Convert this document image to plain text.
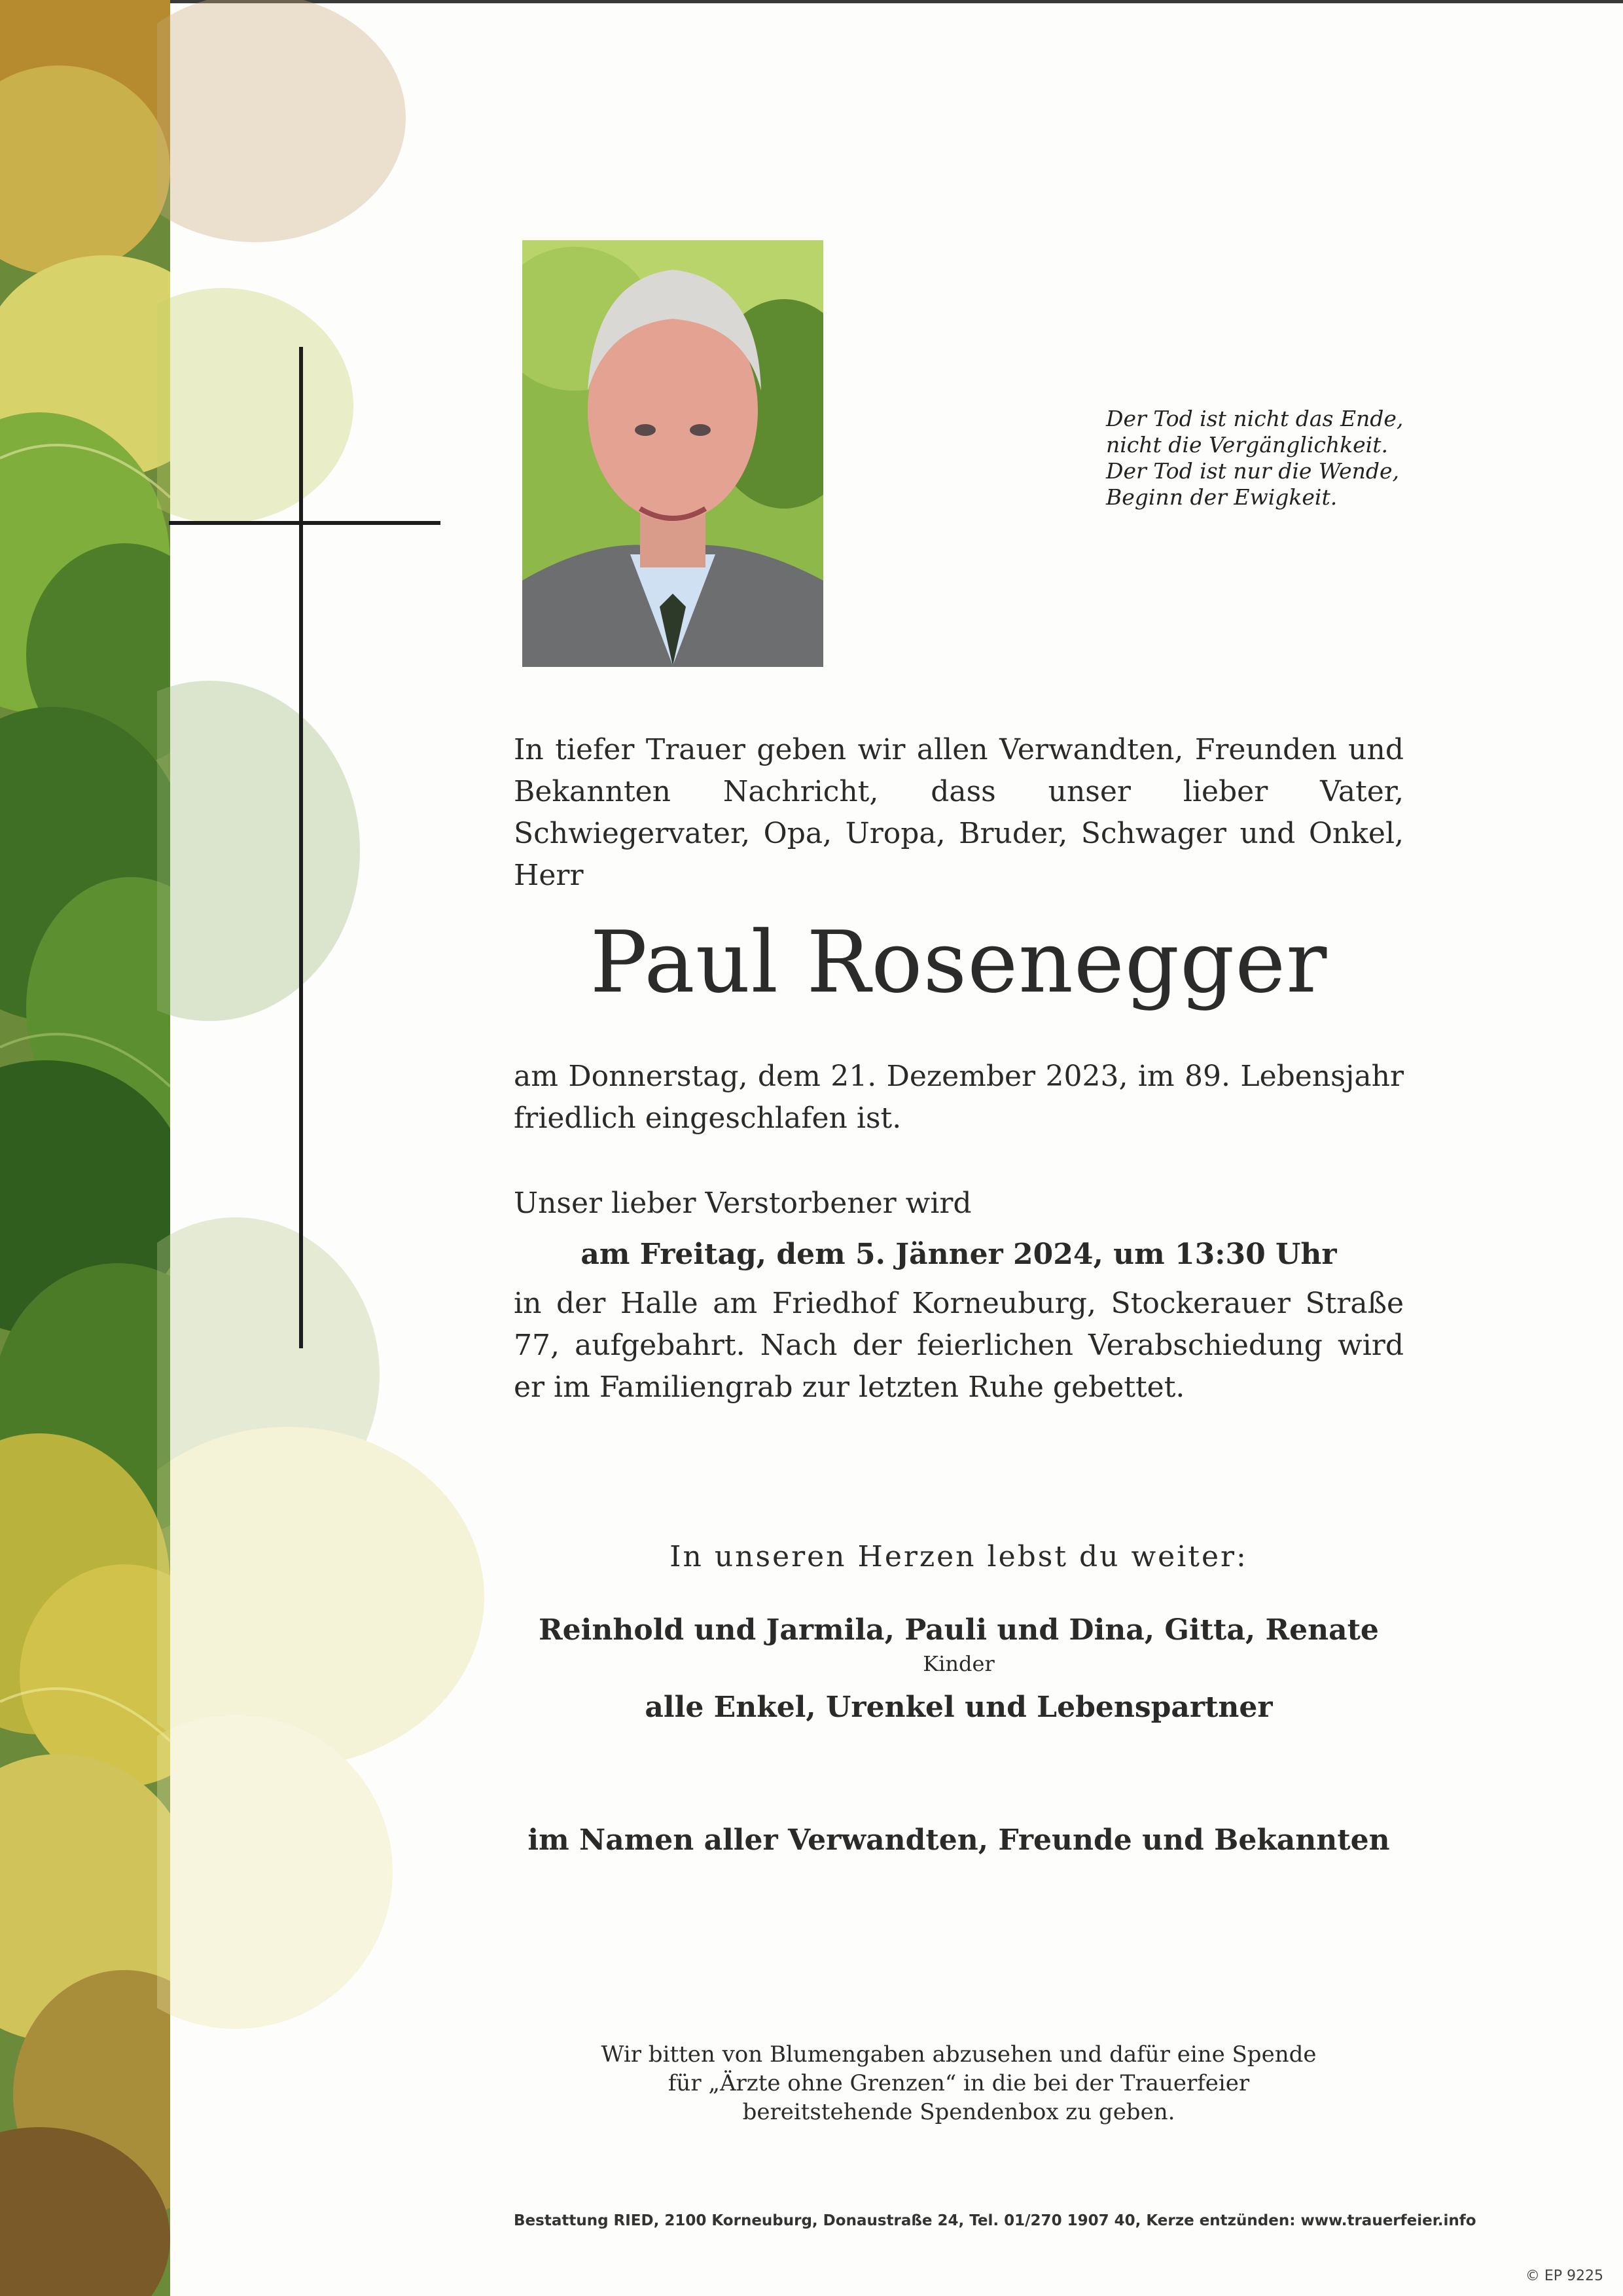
Der Tod ist nicht das Ende,
nicht die Vergänglichkeit.
Der Tod ist nur die Wende,
Beginn der Ewigkeit.
In tiefer Trauer geben wir allen Verwandten, Freunden und Bekannten Nachricht, dass unser lieber Vater, Schwiegervater, Opa, Uropa, Bruder, Schwager und Onkel, Herr
Paul Rosenegger
am Donnerstag, dem 21. Dezember 2023, im 89. Lebensjahr friedlich eingeschlafen ist.
Unser lieber Verstorbener wird
am Freitag, dem 5. Jänner 2024, um 13:30 Uhr
in der Halle am Friedhof Korneuburg, Stockerauer Straße 77, aufgebahrt. Nach der feierlichen Verabschiedung wird er im Familiengrab zur letzten Ruhe gebettet.
In unseren Herzen lebst du weiter:
Reinhold und Jarmila, Pauli und Dina, Gitta, Renate
Kinder
alle Enkel, Urenkel und Lebenspartner
im Namen aller Verwandten, Freunde und Bekannten
Wir bitten von Blumengaben abzusehen und dafür eine Spende
für „Ärzte ohne Grenzen“ in die bei der Trauerfeier
bereitstehende Spendenbox zu geben.
Bestattung RIED, 2100 Korneuburg, Donaustraße 24, Tel. 01/270 1907 40, Kerze entzünden: www.trauerfeier.info
© EP 9225
